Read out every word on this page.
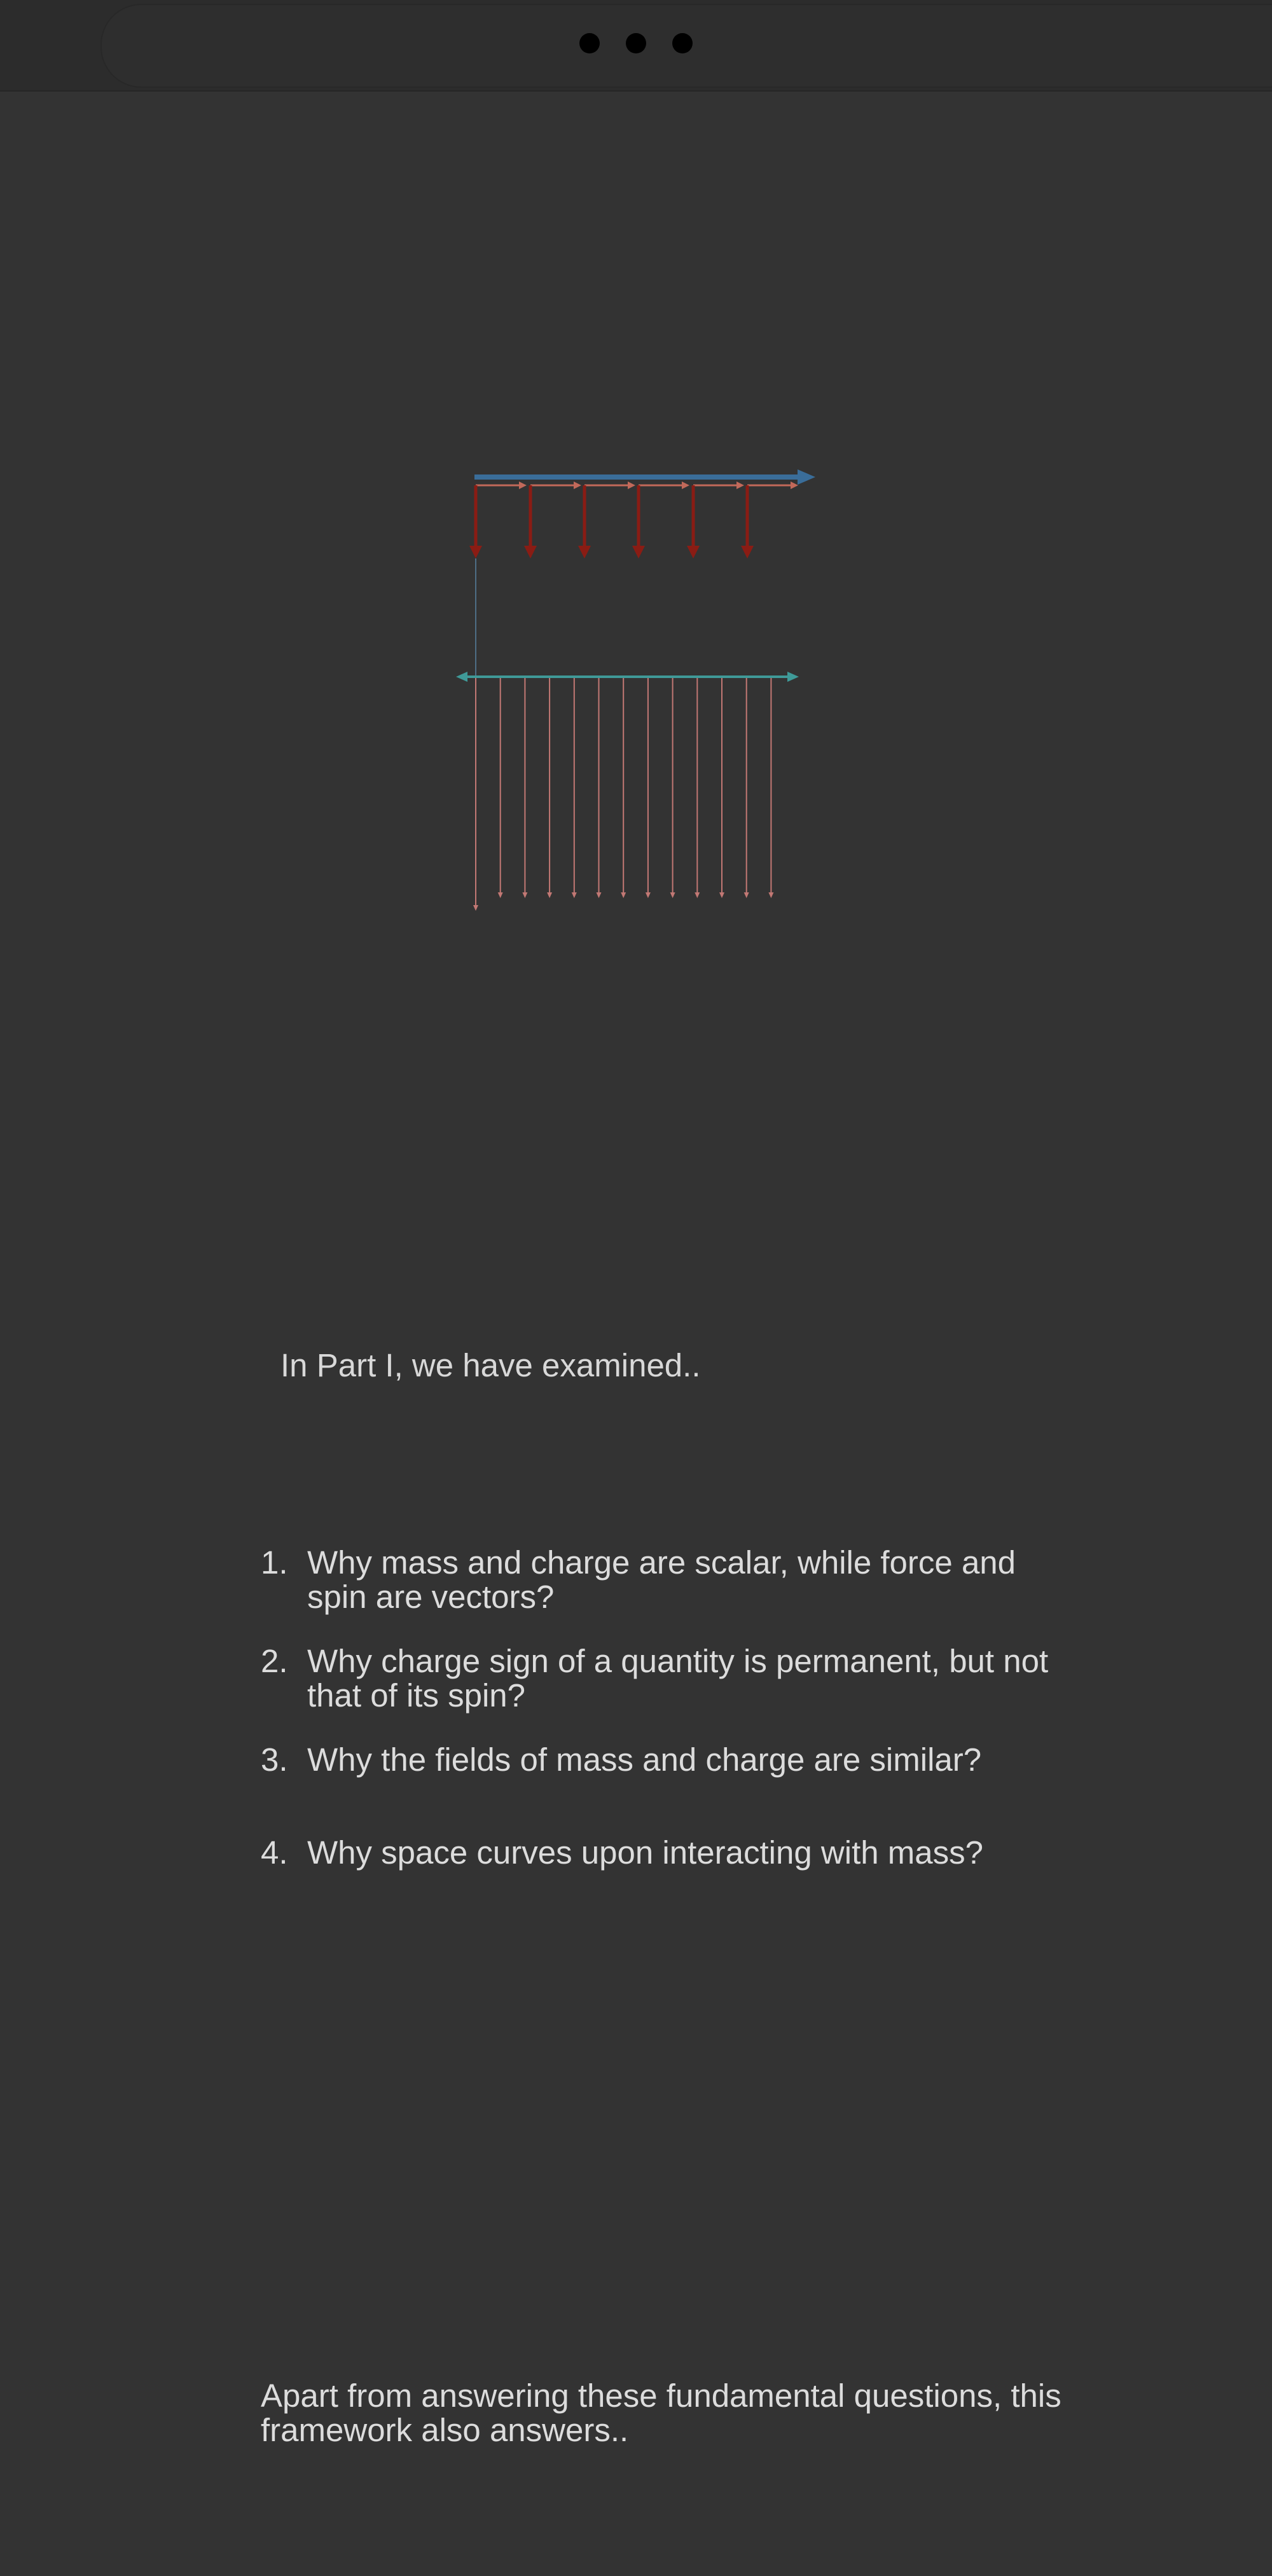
In Part I, we have examined..

1. Why mass and charge are scalar, while force and spin are vectors?
2. Why charge sign of a quantity is permanent, but not that of its spin?
3. Why the fields of mass and charge are similar?
4. Why space curves upon interacting with mass?

Apart from answering these fundamental questions, this framework also answers..
